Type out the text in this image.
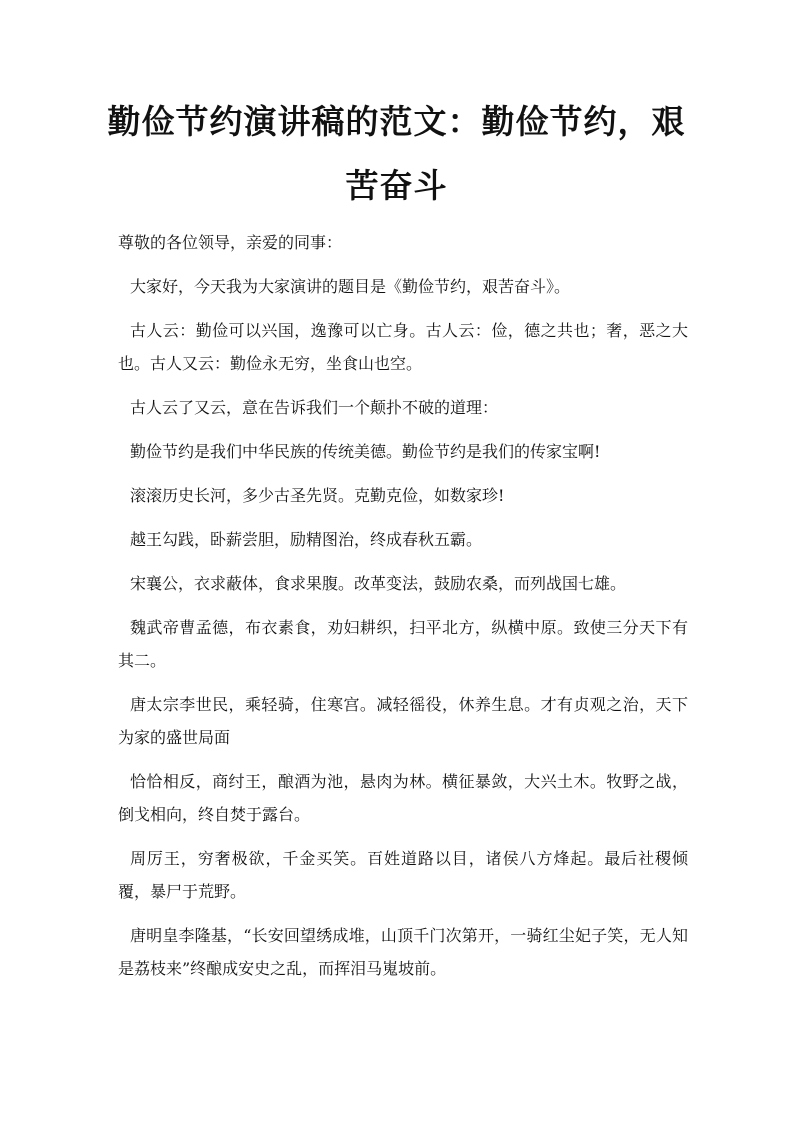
勤俭节约演讲稿的范文：勤俭节约，艰
苦奋斗

尊敬的各位领导，亲爱的同事：

大家好，今天我为大家演讲的题目是《勤俭节约，艰苦奋斗》。

古人云：勤俭可以兴国，逸豫可以亡身。古人云：俭，德之共也；奢，恶之大也。古人又云：勤俭永无穷，坐食山也空。

古人云了又云，意在告诉我们一个颠扑不破的道理：

勤俭节约是我们中华民族的传统美德。勤俭节约是我们的传家宝啊!

滚滚历史长河，多少古圣先贤。克勤克俭，如数家珍!

越王勾践，卧薪尝胆，励精图治，终成春秋五霸。

宋襄公，衣求蔽体，食求果腹。改革变法，鼓励农桑，而列战国七雄。

魏武帝曹孟德，布衣素食，劝妇耕织，扫平北方，纵横中原。致使三分天下有其二。

唐太宗李世民，乘轻骑，住寒宫。减轻徭役，休养生息。才有贞观之治，天下为家的盛世局面

恰恰相反，商纣王，酿酒为池，悬肉为林。横征暴敛，大兴土木。牧野之战，倒戈相向，终自焚于露台。

周厉王，穷奢极欲，千金买笑。百姓道路以目，诸侯八方烽起。最后社稷倾覆，暴尸于荒野。

唐明皇李隆基，“长安回望绣成堆，山顶千门次第开，一骑红尘妃子笑，无人知是荔枝来”终酿成安史之乱，而挥泪马嵬坡前。
